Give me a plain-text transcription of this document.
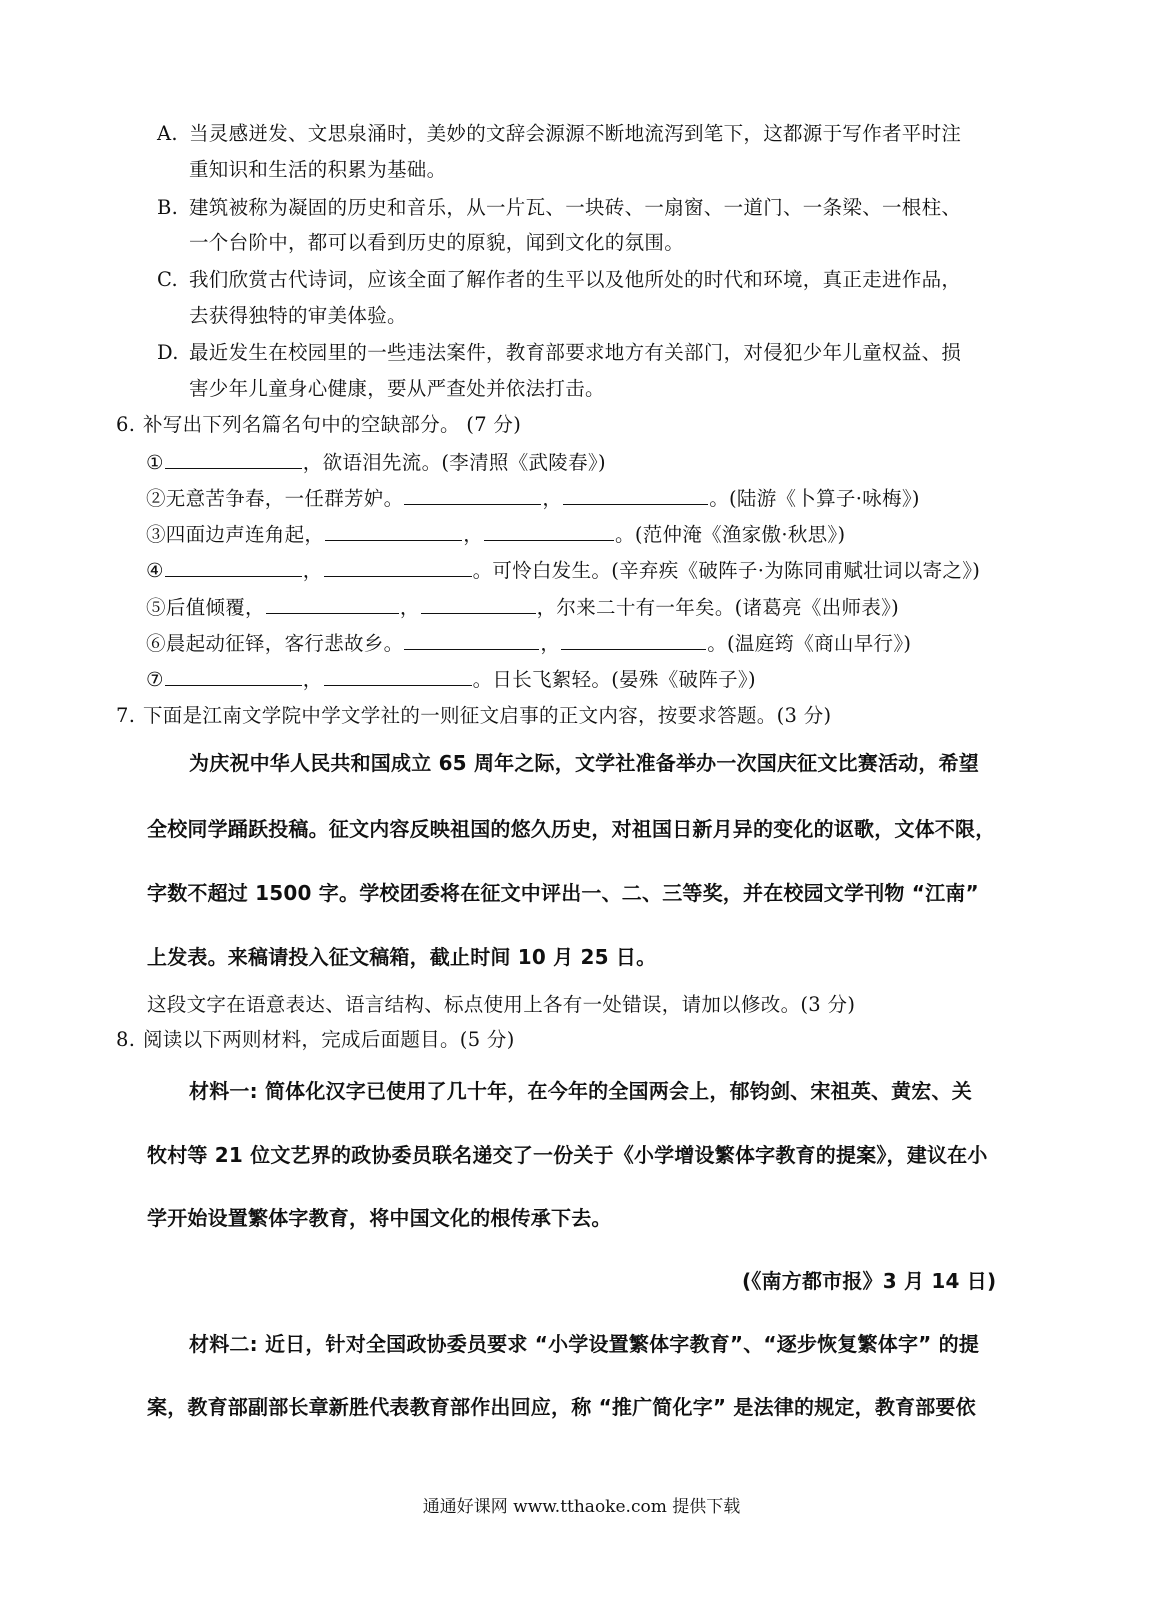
A. 当灵感迸发、文思泉涌时，美妙的文辞会源源不断地流泻到笔下，这都源于写作者平时注
重知识和生活的积累为基础。
B. 建筑被称为凝固的历史和音乐，从一片瓦、一块砖、一扇窗、一道门、一条梁、一根柱、
一个台阶中，都可以看到历史的原貌，闻到文化的氛围。
C. 我们欣赏古代诗词，应该全面了解作者的生平以及他所处的时代和环境，真正走进作品，
去获得独特的审美体验。
D. 最近发生在校园里的一些违法案件，教育部要求地方有关部门，对侵犯少年儿童权益、损
害少年儿童身心健康，要从严查处并依法打击。
6. 补写出下列名篇名句中的空缺部分。 (7 分)
①	，欲语泪先流。(李清照《武陵春》)
②无意苦争春，一任群芳妒。	，	。(陆游《卜算子·咏梅》)
③四面边声连角起，	，	。(范仲淹《渔家傲·秋思》)
④	，	。可怜白发生。(辛弃疾《破阵子·为陈同甫赋壮词以寄之》)
⑤后值倾覆，	，	，尔来二十有一年矣。(诸葛亮《出师表》)
⑥晨起动征铎，客行悲故乡。	，	。(温庭筠《商山早行》)
⑦	，	。日长飞絮轻。(晏殊《破阵子》)
7. 下面是江南文学院中学文学社的一则征文启事的正文内容，按要求答题。(3 分)
为庆祝中华人民共和国成立 65 周年之际，文学社准备举办一次国庆征文比赛活动，希望
全校同学踊跃投稿。征文内容反映祖国的悠久历史，对祖国日新月异的变化的讴歌，文体不限，
字数不超过 1500 字。学校团委将在征文中评出一、二、三等奖，并在校园文学刊物 “江南”
上发表。来稿请投入征文稿箱，截止时间 10 月 25 日。
这段文字在语意表达、语言结构、标点使用上各有一处错误，请加以修改。(3 分)
8. 阅读以下两则材料，完成后面题目。(5 分)
材料一: 简体化汉字已使用了几十年，在今年的全国两会上，郁钧剑、宋祖英、黄宏、关
牧村等 21 位文艺界的政协委员联名递交了一份关于《小学增设繁体字教育的提案》，建议在小
学开始设置繁体字教育，将中国文化的根传承下去。
(《南方都市报》3 月 14 日)
材料二: 近日，针对全国政协委员要求 “小学设置繁体字教育”、“逐步恢复繁体字” 的提
案，教育部副部长章新胜代表教育部作出回应，称 “推广简化字” 是法律的规定，教育部要依
通通好课网 www.tthaoke.com 提供下载
